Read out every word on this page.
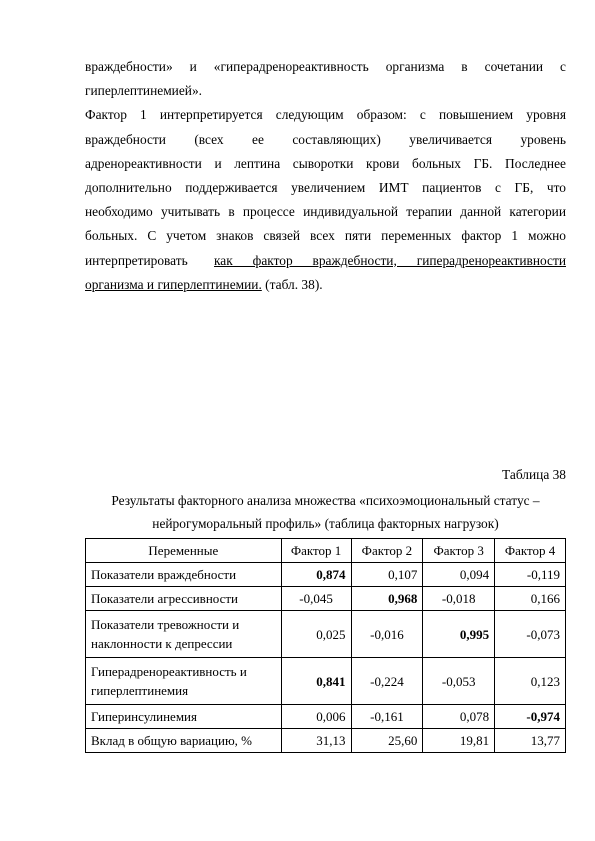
враждебности» и «гиперадренореактивность организма в сочетании с
гиперлептинемией».
Фактор 1 интерпретируется следующим образом: с повышением уровня
враждебности (всех ее составляющих) увеличивается уровень
адренореактивности и лептина сыворотки крови больных ГБ. Последнее
дополнительно поддерживается увеличением ИМТ пациентов с ГБ, что
необходимо учитывать в процессе индивидуальной терапии данной категории
больных. С учетом знаков связей всех пяти переменных фактор 1 можно
интерпретировать как фактор враждебности, гиперадренореактивности
организма и гиперлептинемии. (табл. 38).
Таблица 38
Результаты факторного анализа множества «психоэмоциональный статус –
нейрогуморальный профиль» (таблица факторных нагрузок)
Переменные	Фактор 1	Фактор 2	Фактор 3	Фактор 4
Показатели враждебности	0,874	0,107	0,094	-0,119
Показатели агрессивности	-0,045	0,968	-0,018	0,166

Показатели тревожности и
наклонности к депрессии	0,025	-0,016	0,995	-0,073

Гиперадренореактивность и
гиперлептинемия	0,841	-0,224	-0,053	0,123
Гиперинсулинемия	0,006	-0,161	0,078	-0,974
Вклад в общую вариацию, %	31,13	25,60	19,81	13,77
